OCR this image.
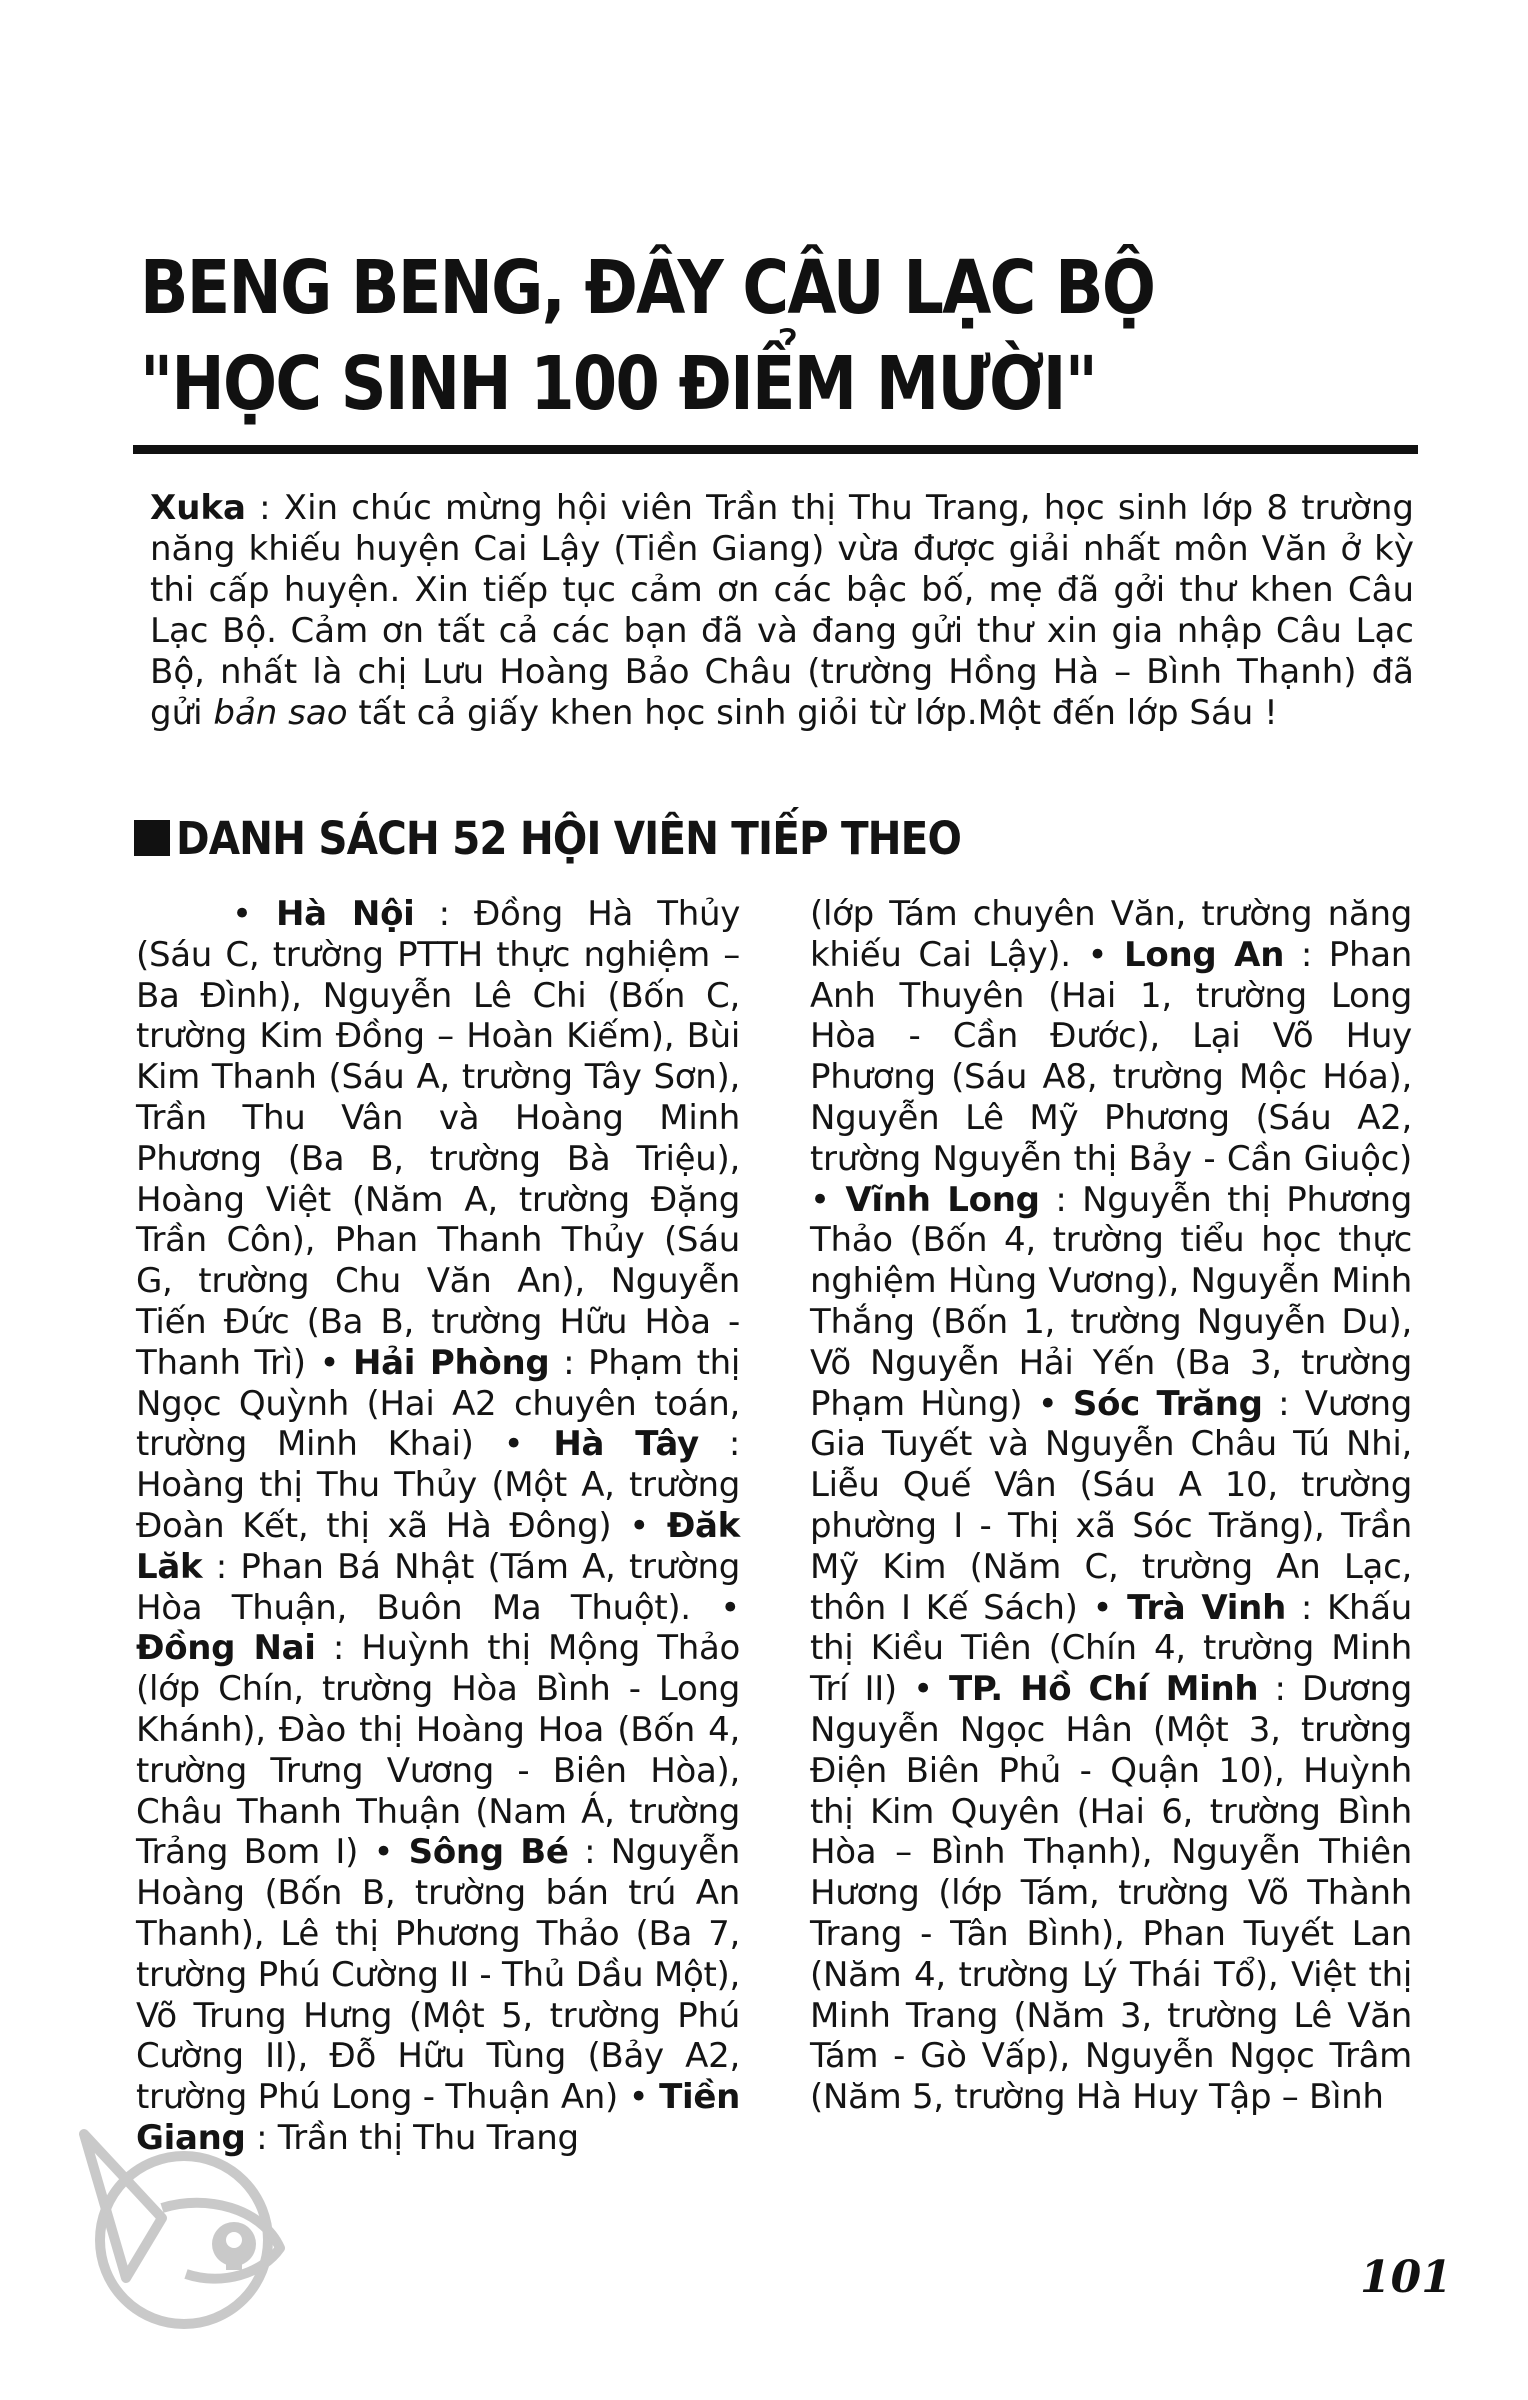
BENG BENG, ĐÂY CÂU LẠC BỘ
"HỌC SINH 100 ĐIỂM MƯỜI"

Xuka : Xin chúc mừng hội viên Trần thị Thu Trang, học sinh lớp 8 trường năng khiếu huyện Cai Lậy (Tiền Giang) vừa được giải nhất môn Văn ở kỳ thi cấp huyện. Xin tiếp tục cảm ơn các bậc bố, mẹ đã gởi thư khen Câu Lạc Bộ. Cảm ơn tất cả các bạn đã và đang gửi thư xin gia nhập Câu Lạc Bộ, nhất là chị Lưu Hoàng Bảo Châu (trường Hồng Hà – Bình Thạnh) đã gửi bản sao tất cả giấy khen học sinh giỏi từ lớp.Một đến lớp Sáu !

DANH SÁCH 52 HỘI VIÊN TIẾP THEO

• Hà Nội : Đồng Hà Thủy (Sáu C, trường PTTH thực nghiệm – Ba Đình), Nguyễn Lê Chi (Bốn C, trường Kim Đồng – Hoàn Kiếm), Bùi Kim Thanh (Sáu A, trường Tây Sơn), Trần Thu Vân và Hoàng Minh Phương (Ba B, trường Bà Triệu), Hoàng Việt (Năm A, trường Đặng Trần Côn), Phan Thanh Thủy (Sáu G, trường Chu Văn An), Nguyễn Tiến Đức (Ba B, trường Hữu Hòa - Thanh Trì) • Hải Phòng : Phạm thị Ngọc Quỳnh (Hai A2 chuyên toán, trường Minh Khai) • Hà Tây : Hoàng thị Thu Thủy (Một A, trường Đoàn Kết, thị xã Hà Đông) • Đăk Lăk : Phan Bá Nhật (Tám A, trường Hòa Thuận, Buôn Ma Thuột). • Đồng Nai : Huỳnh thị Mộng Thảo (lớp Chín, trường Hòa Bình - Long Khánh), Đào thị Hoàng Hoa (Bốn 4, trường Trưng Vương - Biên Hòa), Châu Thanh Thuận (Nam Á, trường Trảng Bom I) • Sông Bé : Nguyễn Hoàng (Bốn B, trường bán trú An Thanh), Lê thị Phương Thảo (Ba 7, trường Phú Cường II - Thủ Dầu Một), Võ Trung Hưng (Một 5, trường Phú Cường II), Đỗ Hữu Tùng (Bảy A2, trường Phú Long - Thuận An) • Tiền Giang : Trần thị Thu Trang

(lớp Tám chuyên Văn, trường năng khiếu Cai Lậy). • Long An : Phan Anh Thuyên (Hai 1, trường Long Hòa - Cần Đước), Lại Võ Huy Phương (Sáu A8, trường Mộc Hóa), Nguyễn Lê Mỹ Phương (Sáu A2, trường Nguyễn thị Bảy - Cần Giuộc) • Vĩnh Long : Nguyễn thị Phương Thảo (Bốn 4, trường tiểu học thực nghiệm Hùng Vương), Nguyễn Minh Thắng (Bốn 1, trường Nguyễn Du), Võ Nguyễn Hải Yến (Ba 3, trường Phạm Hùng) • Sóc Trăng : Vương Gia Tuyết và Nguyễn Châu Tú Nhi, Liễu Quế Vân (Sáu A 10, trường phường I - Thị xã Sóc Trăng), Trần Mỹ Kim (Năm C, trường An Lạc, thôn I Kế Sách) • Trà Vinh : Khấu thị Kiều Tiên (Chín 4, trường Minh Trí II) • TP. Hồ Chí Minh : Dương Nguyễn Ngọc Hân (Một 3, trường Điện Biên Phủ - Quận 10), Huỳnh thị Kim Quyên (Hai 6, trường Bình Hòa – Bình Thạnh), Nguyễn Thiên Hương (lớp Tám, trường Võ Thành Trang - Tân Bình), Phan Tuyết Lan (Năm 4, trường Lý Thái Tổ), Việt thị Minh Trang (Năm 3, trường Lê Văn Tám - Gò Vấp), Nguyễn Ngọc Trâm (Năm 5, trường Hà Huy Tập – Bình

101
